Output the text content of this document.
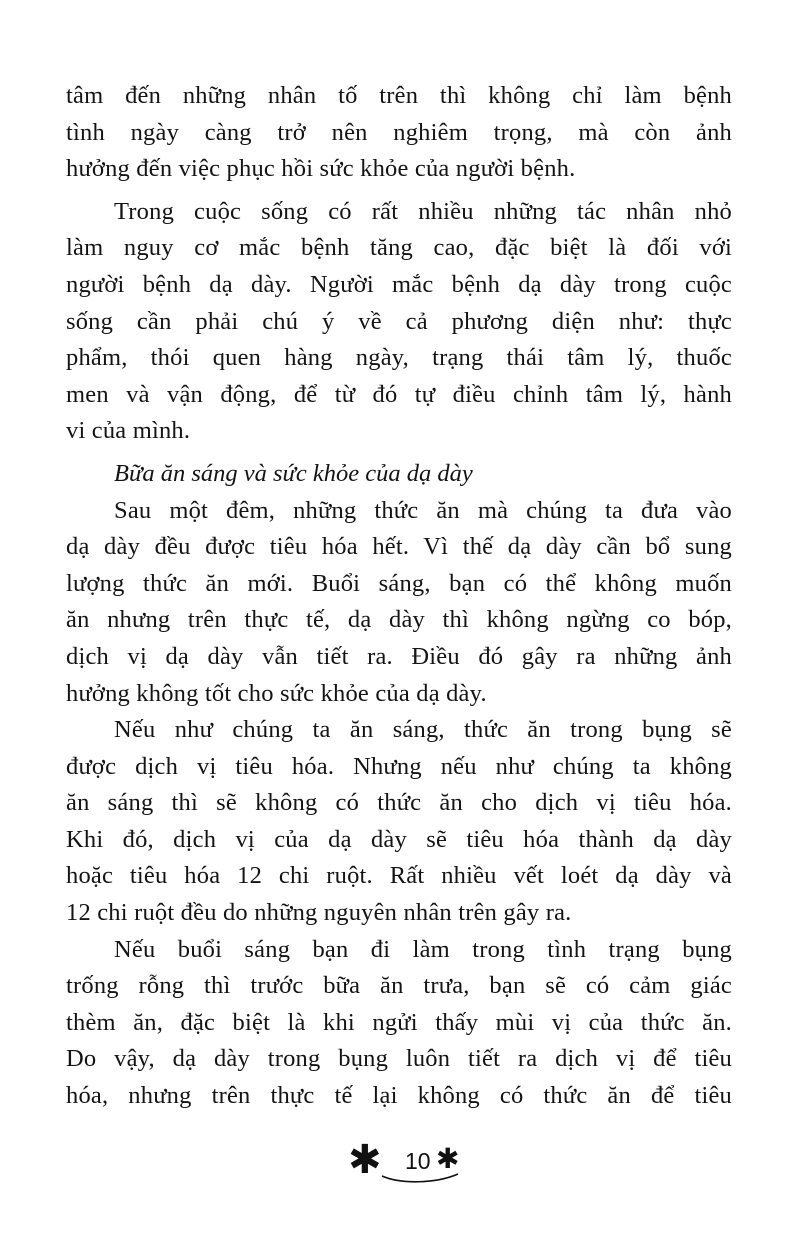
tâm đến những nhân tố trên thì không chỉ làm bệnh
tình ngày càng trở nên nghiêm trọng, mà còn ảnh
hưởng đến việc phục hồi sức khỏe của người bệnh.
Trong cuộc sống có rất nhiều những tác nhân nhỏ
làm nguy cơ mắc bệnh tăng cao, đặc biệt là đối với
người bệnh dạ dày. Người mắc bệnh dạ dày trong cuộc
sống cần phải chú ý về cả phương diện như: thực
phẩm, thói quen hàng ngày, trạng thái tâm lý, thuốc
men và vận động, để từ đó tự điều chỉnh tâm lý, hành
vi của mình.
Bữa ăn sáng và sức khỏe của dạ dày
Sau một đêm, những thức ăn mà chúng ta đưa vào
dạ dày đều được tiêu hóa hết. Vì thế dạ dày cần bổ sung
lượng thức ăn mới. Buổi sáng, bạn có thể không muốn
ăn nhưng trên thực tế, dạ dày thì không ngừng co bóp,
dịch vị dạ dày vẫn tiết ra. Điều đó gây ra những ảnh
hưởng không tốt cho sức khỏe của dạ dày.
Nếu như chúng ta ăn sáng, thức ăn trong bụng sẽ
được dịch vị tiêu hóa. Nhưng nếu như chúng ta không
ăn sáng thì sẽ không có thức ăn cho dịch vị tiêu hóa.
Khi đó, dịch vị của dạ dày sẽ tiêu hóa thành dạ dày
hoặc tiêu hóa 12 chi ruột. Rất nhiều vết loét dạ dày và
12 chi ruột đều do những nguyên nhân trên gây ra.
Nếu buổi sáng bạn đi làm trong tình trạng bụng
trống rỗng thì trước bữa ăn trưa, bạn sẽ có cảm giác
thèm ăn, đặc biệt là khi ngửi thấy mùi vị của thức ăn.
Do vậy, dạ dày trong bụng luôn tiết ra dịch vị để tiêu
hóa, nhưng trên thực tế lại không có thức ăn để tiêu
✱ 10 ✱
